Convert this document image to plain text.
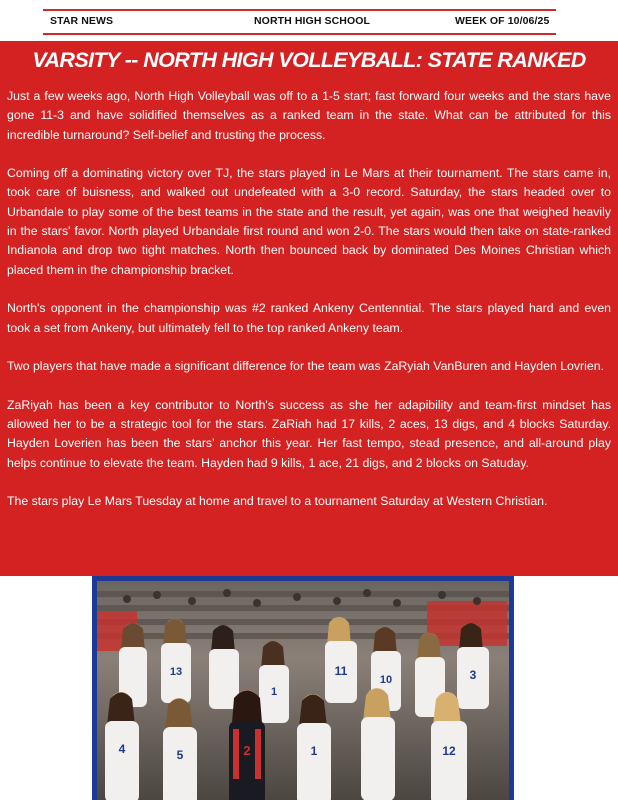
STAR NEWS	NORTH HIGH SCHOOL	WEEK OF 10/06/25
VARSITY -- NORTH HIGH VOLLEYBALL: STATE RANKED

Just a few weeks ago, North High Volleyball was off to a 1-5 start; fast forward four weeks and the stars have gone 11-3 and have solidified themselves as a ranked team in the state. What can be attributed for this incredible turnaround? Self-belief and trusting the process.

Coming off a dominating victory over TJ, the stars played in Le Mars at their tournament. The stars came in, took care of buisness, and walked out undefeated with a 3-0 record. Saturday, the stars headed over to Urbandale to play some of the best teams in the state and the result, yet again, was one that weighed heavily in the stars' favor. North played Urbandale first round and won 2-0. The stars would then take on state-ranked Indianola and drop two tight matches. North then bounced back by dominated Des Moines Christian which placed them in the championship bracket.

North's opponent in the championship was #2 ranked Ankeny Centenntial. The stars played hard and even took a set from Ankeny, but ultimately fell to the top ranked Ankeny team.

Two players that have made a significant difference for the team was ZaRyiah VanBuren and Hayden Lovrien.

ZaRiyah has been a key contributor to North's success as she her adapibility and team-first mindset has allowed her to be a strategic tool for the stars. ZaRiah had 17 kills, 2 aces, 13 digs, and 4 blocks Saturday. Hayden Loverien has been the stars' anchor this year. Her fast tempo, stead presence, and all-around play helps continue to elevate the team. Hayden had 9 kills, 1 ace, 21 digs, and 2 blocks on Satuday.

The stars play Le Mars Tuesday at home and travel to a tournament Saturday at Western Christian.

13	11
1
10	3
4	5	2	1	12
